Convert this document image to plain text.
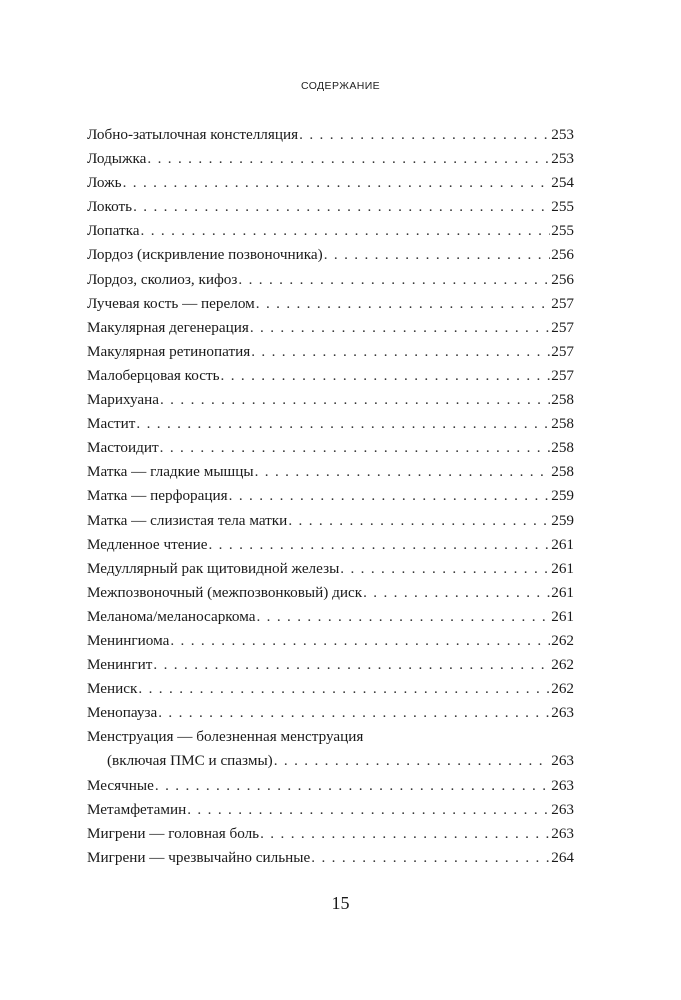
СОДЕРЖАНИЕ
Лобно-затылочная констелляция . . .	253
Лодыжка . . .	253
Ложь . . .	254
Локоть . . .	255
Лопатка . . .	255
Лордоз (искривление позвоночника) . . .	256
Лордоз, сколиоз, кифоз . . .	256
Лучевая кость — перелом . . .	257
Макулярная дегенерация . . .	257
Макулярная ретинопатия . . .	257
Малоберцовая кость . . .	257
Марихуана . . .	258
Мастит . . .	258
Мастоидит . . .	258
Матка — гладкие мышцы . . .	258
Матка — перфорация . . .	259
Матка — слизистая тела матки . . .	259
Медленное чтение . . .	261
Медуллярный рак щитовидной железы . . .	261
Межпозвоночный (межпозвонковый) диск . . .	261
Меланома/меланосаркома . . .	261
Менингиома . . .	262
Менингит . . .	262
Мениск . . .	262
Менопауза . . .	263
Менструация — болезненная менструация
(включая ПМС и спазмы) . . .	263
Месячные . . .	263
Метамфетамин . . .	263
Мигрени — головная боль . . .	263
Мигрени — чрезвычайно сильные . . .	264
15
